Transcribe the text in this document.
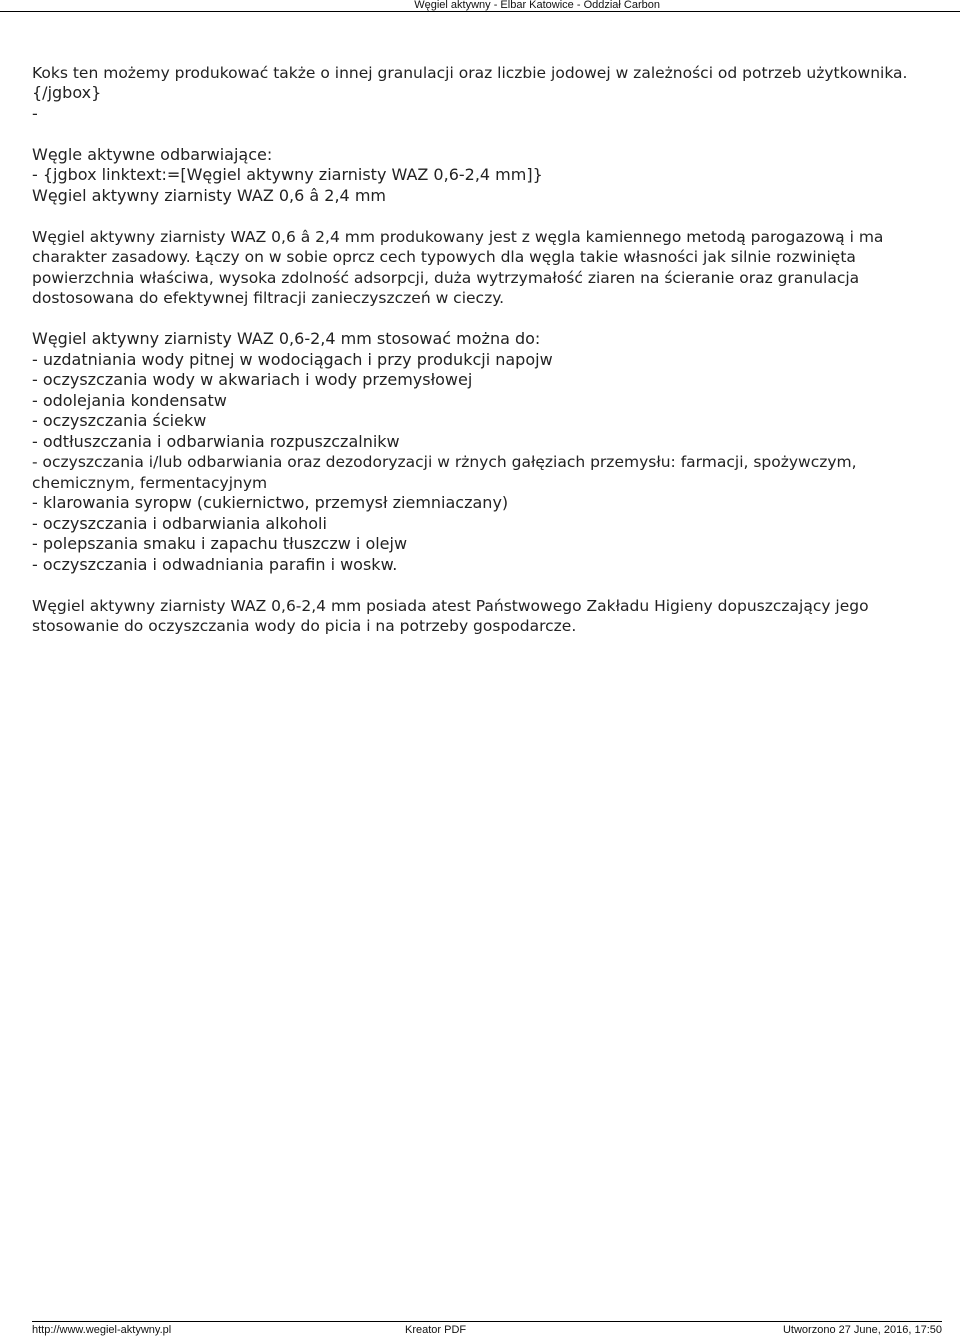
Węgiel aktywny - Elbar Katowice - Oddział Carbon
Koks ten możemy produkować także o innej granulacji oraz liczbie jodowej w zależności od potrzeb użytkownika.
{/jgbox}
-
Węgle aktywne odbarwiające:
- {jgbox linktext:=[Węgiel aktywny ziarnisty WAZ 0,6-2,4 mm]}
Węgiel aktywny ziarnisty WAZ 0,6 â 2,4 mm
Węgiel aktywny ziarnisty WAZ 0,6 â 2,4 mm produkowany jest z węgla kamiennego metodą parogazową i ma charakter zasadowy. Łączy on w sobie oprcz cech typowych dla węgla takie własności jak silnie rozwinięta powierzchnia właściwa, wysoka zdolność adsorpcji, duża wytrzymałość ziaren na ścieranie oraz granulacja dostosowana do efektywnej filtracji zanieczyszczeń w cieczy.
Węgiel aktywny ziarnisty WAZ 0,6-2,4 mm stosować można do:
- uzdatniania wody pitnej w wodociągach i przy produkcji napojw
- oczyszczania wody w akwariach i wody przemysłowej
- odolejania kondensatw
- oczyszczania ściekw
- odtłuszczania i odbarwiania rozpuszczalnikw
- oczyszczania i/lub odbarwiania oraz dezodoryzacji w rżnych gałęziach przemysłu: farmacji, spożywczym, chemicznym, fermentacyjnym
- klarowania syropw (cukiernictwo, przemysł ziemniaczany)
- oczyszczania i odbarwiania alkoholi
- polepszania smaku i zapachu tłuszczw i olejw
- oczyszczania i odwadniania parafin i woskw.
Węgiel aktywny ziarnisty WAZ 0,6-2,4 mm posiada atest Państwowego Zakładu Higieny dopuszczający jego stosowanie do oczyszczania wody do picia i na potrzeby gospodarcze.
http://www.wegiel-aktywny.pl	Kreator PDF	Utworzono 27 June, 2016, 17:50
